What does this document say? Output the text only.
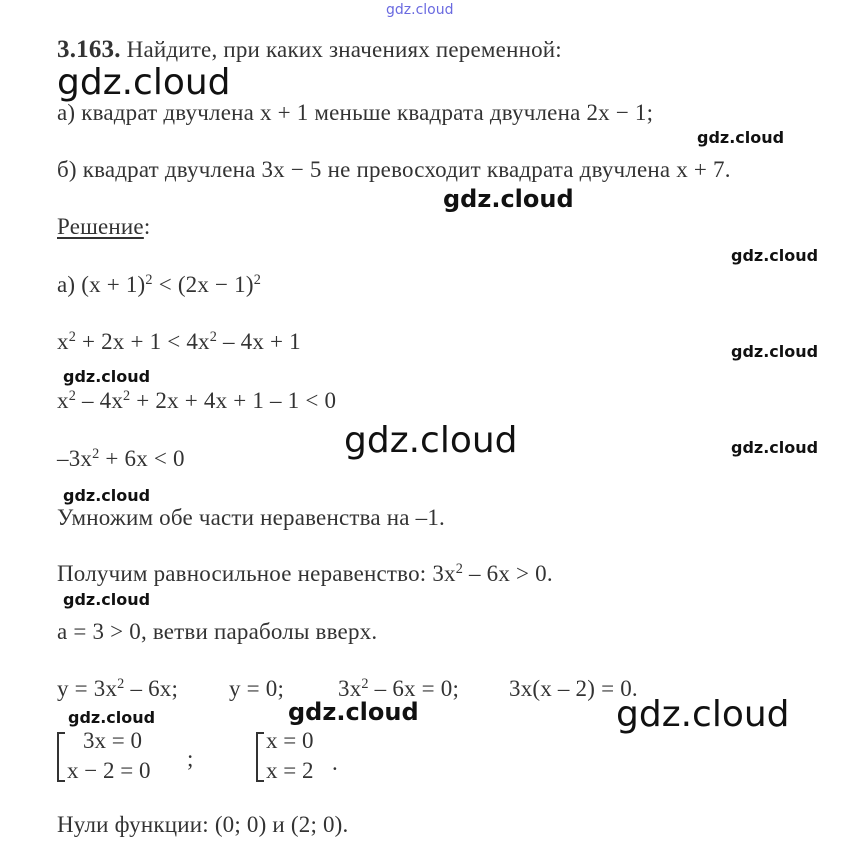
gdz.cloud
3.163. Найдите, при каких значениях переменной:
gdz.cloud
а) квадрат двучлена x + 1 меньше квадрата двучлена 2x − 1;
gdz.cloud
б) квадрат двучлена 3x − 5 не превосходит квадрата двучлена x + 7.
gdz.cloud
Решение:
gdz.cloud
а) $(x + 1)^2 < (2x - 1)^2$
$x^2 + 2x + 1 < 4x^2 - 4x + 1$	gdz.cloud
gdz.cloud
$x^2 - 4x^2 + 2x + 4x + 1 - 1 < 0$
gdz.cloud	gdz.cloud
$-3x^2 + 6x < 0$
gdz.cloud
Умножим обе части неравенства на –1.
Получим равносильное неравенство: $3x^2 - 6x > 0$.
gdz.cloud
a = 3 > 0, ветви параболы вверх.
$y = 3x^2 - 6x$; y = 0; $3x^2 - 6x = 0$; 3x(x – 2) = 0.
gdz.cloud	gdz.cloud	gdz.cloud
3x = 0
x − 2 = 0 ;
x = 0
x = 2 .
Нули функции: (0; 0) и (2; 0).
